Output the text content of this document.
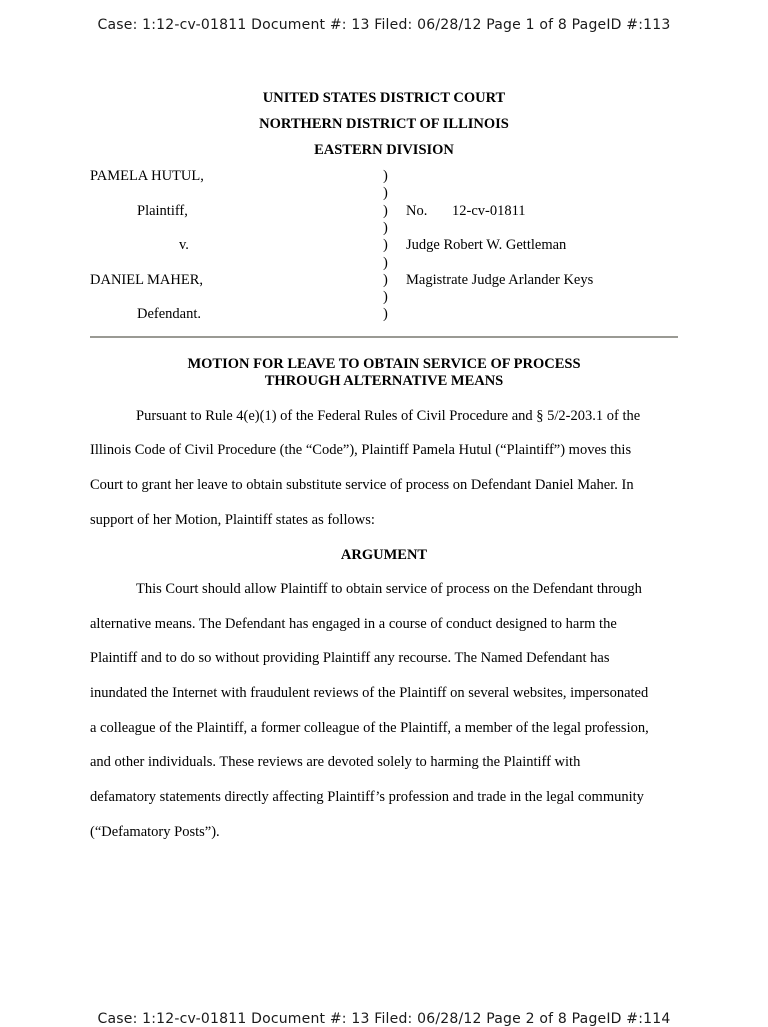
Case: 1:12-cv-01811 Document #: 13 Filed: 06/28/12 Page 1 of 8 PageID #:113
UNITED STATES DISTRICT COURT
NORTHERN DISTRICT OF ILLINOIS
EASTERN DIVISION
PAMELA HUTUL,
Plaintiff,
v.
DANIEL MAHER,
Defendant.
)
)
)
)
)
)
)
)
)
No. 12-cv-01811
Judge Robert W. Gettleman
Magistrate Judge Arlander Keys
MOTION FOR LEAVE TO OBTAIN SERVICE OF PROCESS
THROUGH ALTERNATIVE MEANS
Pursuant to Rule 4(e)(1) of the Federal Rules of Civil Procedure and § 5/2-203.1 of the
Illinois Code of Civil Procedure (the “Code”), Plaintiff Pamela Hutul (“Plaintiff”) moves this
Court to grant her leave to obtain substitute service of process on Defendant Daniel Maher. In
support of her Motion, Plaintiff states as follows:
ARGUMENT
This Court should allow Plaintiff to obtain service of process on the Defendant through
alternative means. The Defendant has engaged in a course of conduct designed to harm the
Plaintiff and to do so without providing Plaintiff any recourse. The Named Defendant has
inundated the Internet with fraudulent reviews of the Plaintiff on several websites, impersonated
a colleague of the Plaintiff, a former colleague of the Plaintiff, a member of the legal profession,
and other individuals. These reviews are devoted solely to harming the Plaintiff with
defamatory statements directly affecting Plaintiff’s profession and trade in the legal community
(“Defamatory Posts”).
Case: 1:12-cv-01811 Document #: 13 Filed: 06/28/12 Page 2 of 8 PageID #:114
